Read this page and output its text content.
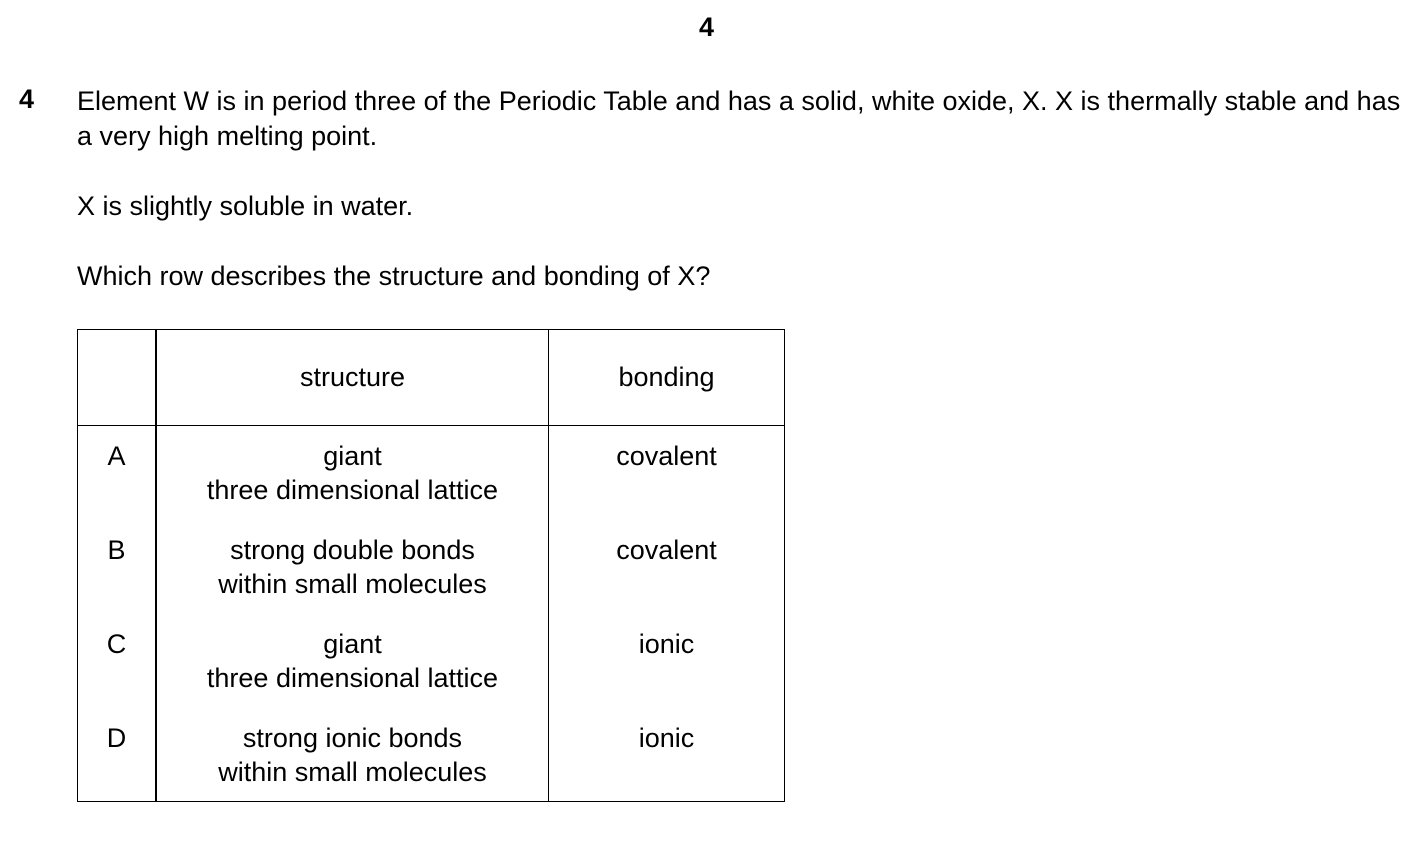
4
4 Element W is in period three of the Periodic Table and has a solid, white oxide, X. X is thermally stable and has a very high melting point.
X is slightly soluble in water.
Which row describes the structure and bonding of X?
	structure	bonding
A	giant
three dimensional lattice	covalent
B	strong double bonds
within small molecules	covalent
C	giant
three dimensional lattice	ionic
D	strong ionic bonds
within small molecules	ionic
